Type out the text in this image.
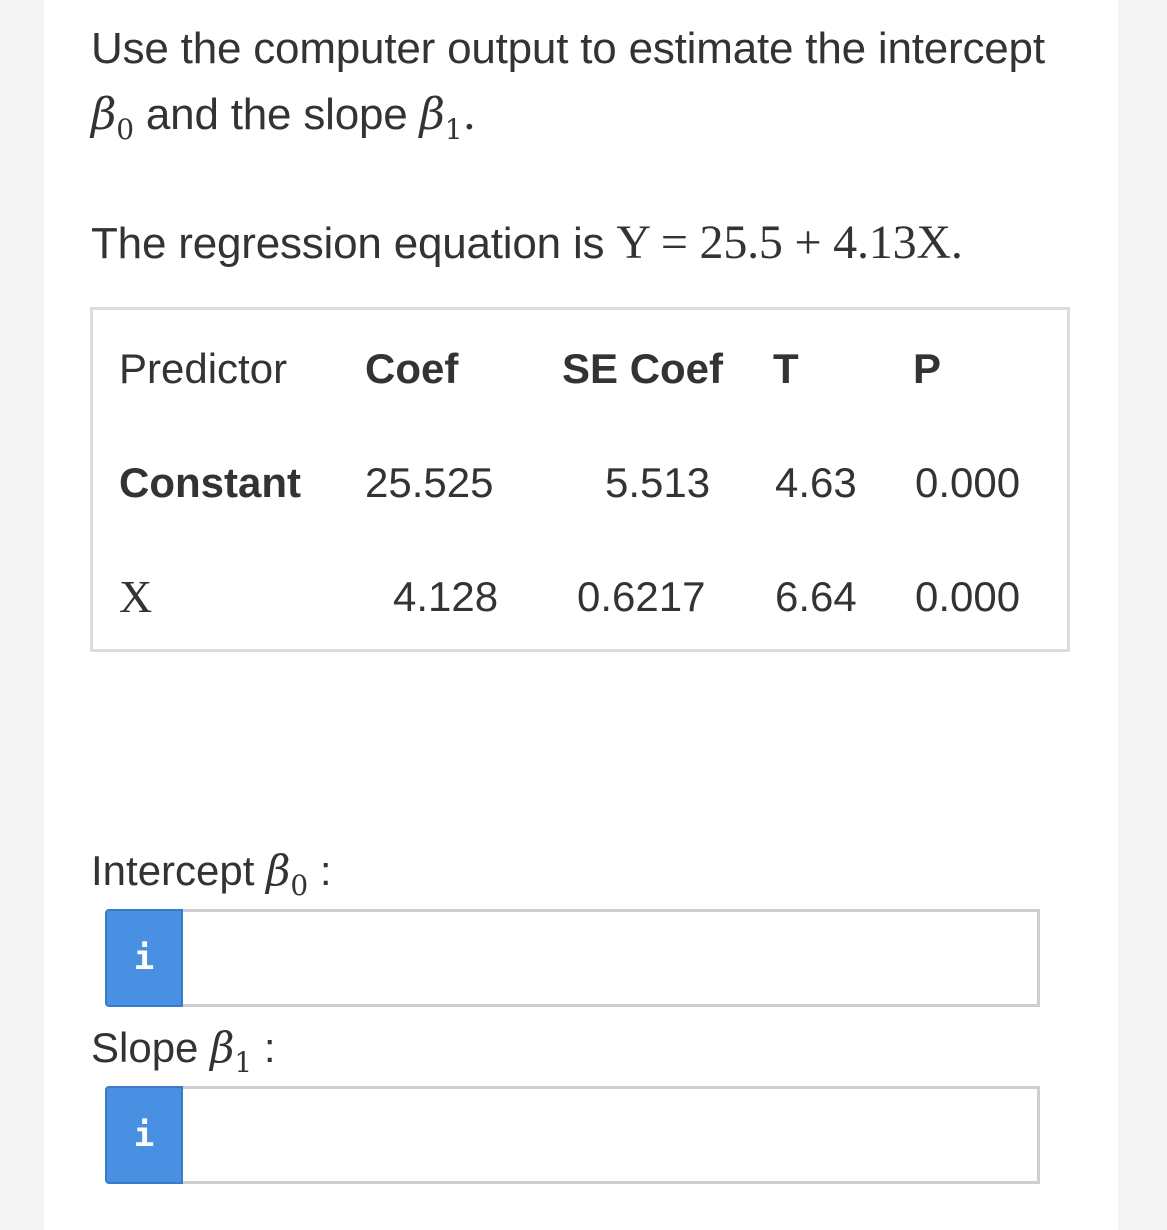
Use the computer output to estimate the intercept $\beta_0$ and the slope $\beta_1$.
The regression equation is Y = 25.5 + 4.13X.
Predictor Coef SE Coef T	P
Constant 25.525	5.513 4.63 0.000
X	4.128 0.6217 6.64 0.000
Intercept $\beta_0$ :
i
Slope $\beta_1$ :
i
